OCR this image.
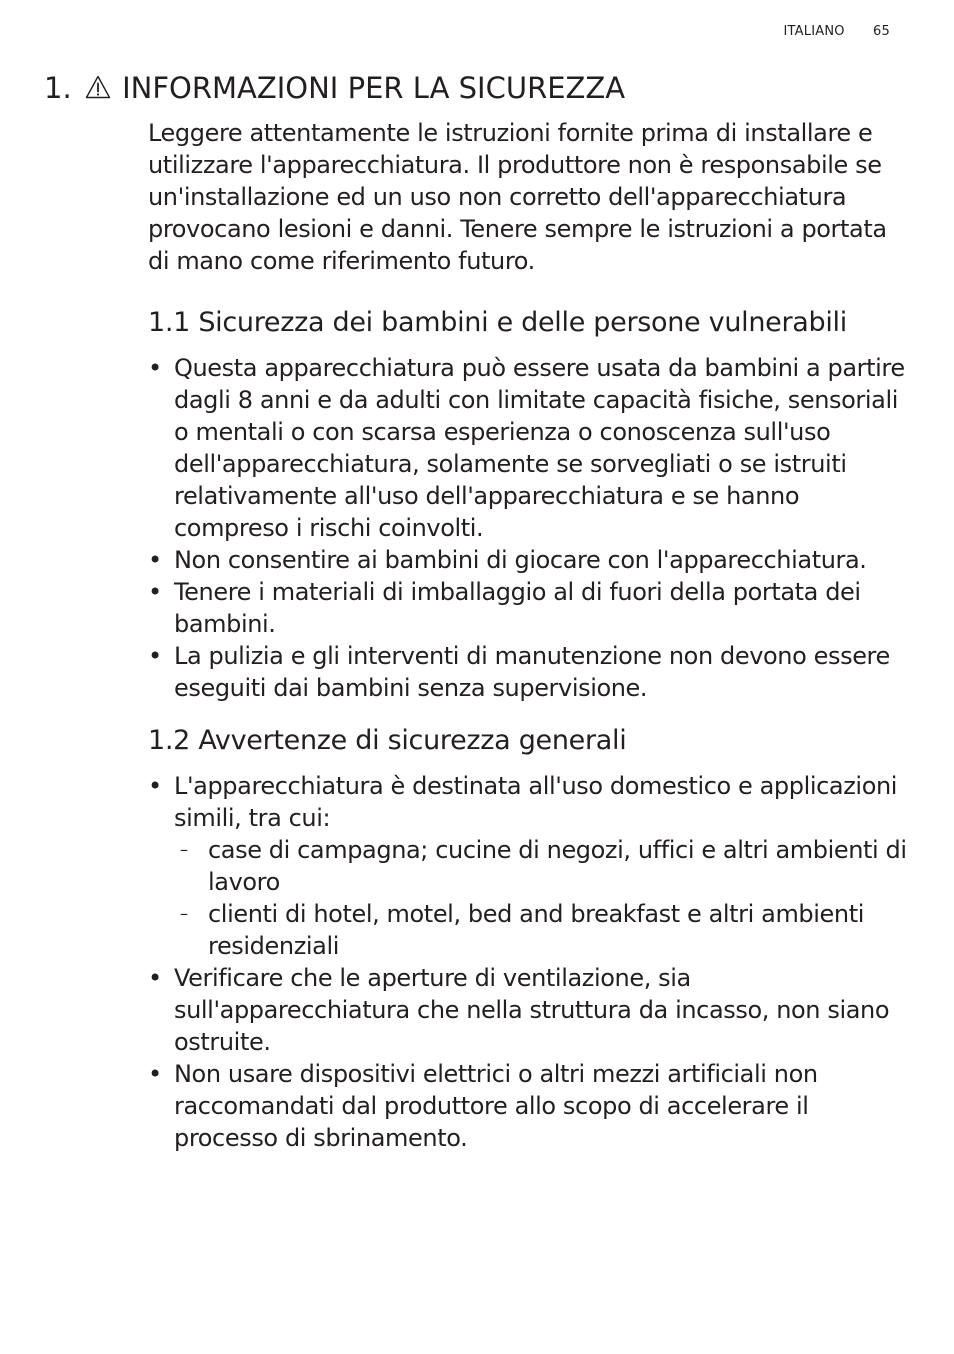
ITALIANO 65
1. INFORMAZIONI PER LA SICUREZZA

Leggere attentamente le istruzioni fornite prima di installare e utilizzare l'apparecchiatura. Il produttore non è responsabile se un'installazione ed un uso non corretto dell'apparecchiatura provocano lesioni e danni. Tenere sempre le istruzioni a portata di mano come riferimento futuro.

1.1 Sicurezza dei bambini e delle persone vulnerabili
• Questa apparecchiatura può essere usata da bambini a partire dagli 8 anni e da adulti con limitate capacità fisiche, sensoriali o mentali o con scarsa esperienza o conoscenza sull'uso dell'apparecchiatura, solamente se sorvegliati o se istruiti relativamente all'uso dell'apparecchiatura e se hanno compreso i rischi coinvolti.
• Non consentire ai bambini di giocare con l'apparecchiatura.
• Tenere i materiali di imballaggio al di fuori della portata dei bambini.
• La pulizia e gli interventi di manutenzione non devono essere eseguiti dai bambini senza supervisione.
1.2 Avvertenze di sicurezza generali
• L'apparecchiatura è destinata all'uso domestico e applicazioni simili, tra cui:
– case di campagna; cucine di negozi, uffici e altri ambienti di lavoro
– clienti di hotel, motel, bed and breakfast e altri ambienti residenziali
• Verificare che le aperture di ventilazione, sia sull'apparecchiatura che nella struttura da incasso, non siano ostruite.
• Non usare dispositivi elettrici o altri mezzi artificiali non raccomandati dal produttore allo scopo di accelerare il processo di sbrinamento.
